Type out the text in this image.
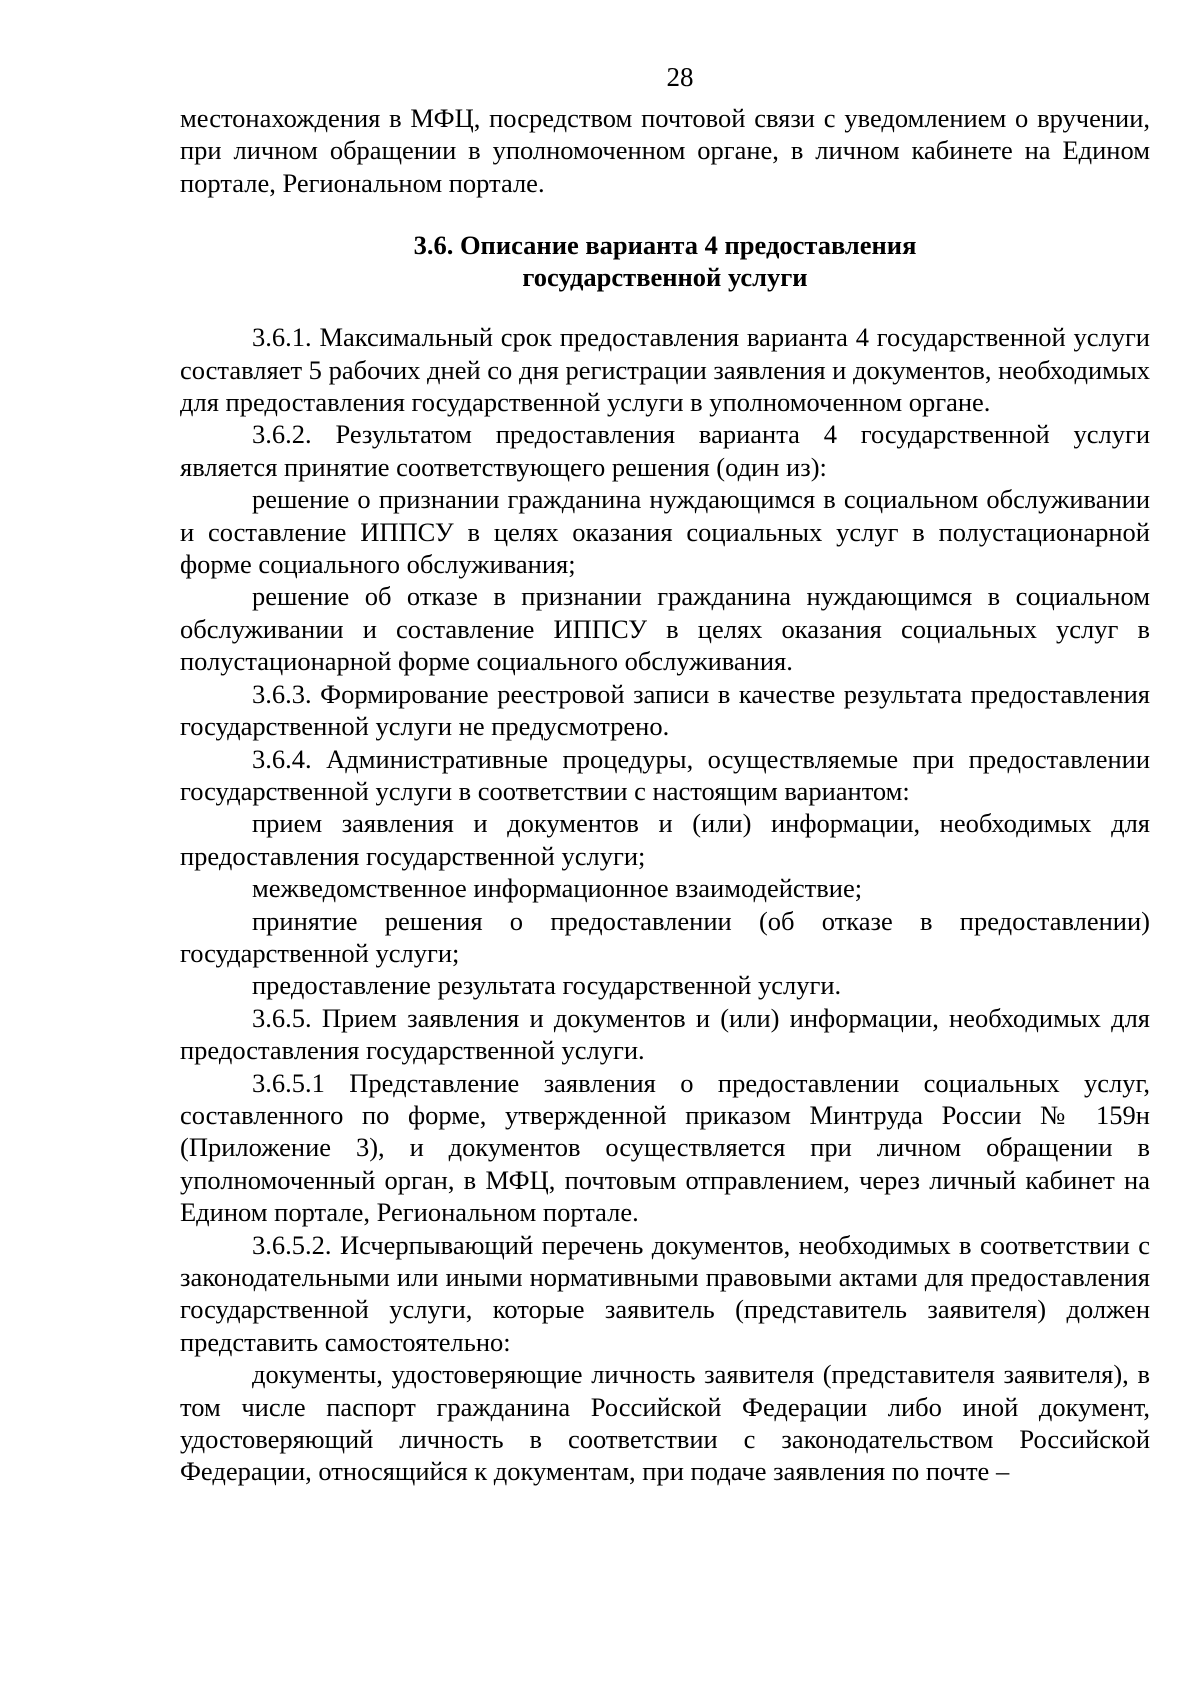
28

местонахождения в МФЦ, посредством почтовой связи с уведомлением о вручении, при личном обращении в уполномоченном органе, в личном кабинете на Едином портале, Региональном портале.

3.6. Описание варианта 4 предоставления
государственной услуги

3.6.1. Максимальный срок предоставления варианта 4 государственной услуги составляет 5 рабочих дней со дня регистрации заявления и документов, необходимых для предоставления государственной услуги в уполномоченном органе.

3.6.2. Результатом предоставления варианта 4 государственной услуги является принятие соответствующего решения (один из):

решение о признании гражданина нуждающимся в социальном обслуживании и составление ИППСУ в целях оказания социальных услуг в полустационарной форме социального обслуживания;

решение об отказе в признании гражданина нуждающимся в социальном обслуживании и составление ИППСУ в целях оказания социальных услуг в полустационарной форме социального обслуживания.

3.6.3. Формирование реестровой записи в качестве результата предоставления государственной услуги не предусмотрено.

3.6.4. Административные процедуры, осуществляемые при предоставлении государственной услуги в соответствии с настоящим вариантом:

прием заявления и документов и (или) информации, необходимых для предоставления государственной услуги;

межведомственное информационное взаимодействие;

принятие решения о предоставлении (об отказе в предоставлении) государственной услуги;

предоставление результата государственной услуги.

3.6.5. Прием заявления и документов и (или) информации, необходимых для предоставления государственной услуги.

3.6.5.1 Представление заявления о предоставлении социальных услуг, составленного по форме, утвержденной приказом Минтруда России № 159н (Приложение 3), и документов осуществляется при личном обращении в уполномоченный орган, в МФЦ, почтовым отправлением, через личный кабинет на Едином портале, Региональном портале.

3.6.5.2. Исчерпывающий перечень документов, необходимых в соответствии с законодательными или иными нормативными правовыми актами для предоставления государственной услуги, которые заявитель (представитель заявителя) должен представить самостоятельно:

документы, удостоверяющие личность заявителя (представителя заявителя), в том числе паспорт гражданина Российской Федерации либо иной документ, удостоверяющий личность в соответствии с законодательством Российской Федерации, относящийся к документам, при подаче заявления по почте –
